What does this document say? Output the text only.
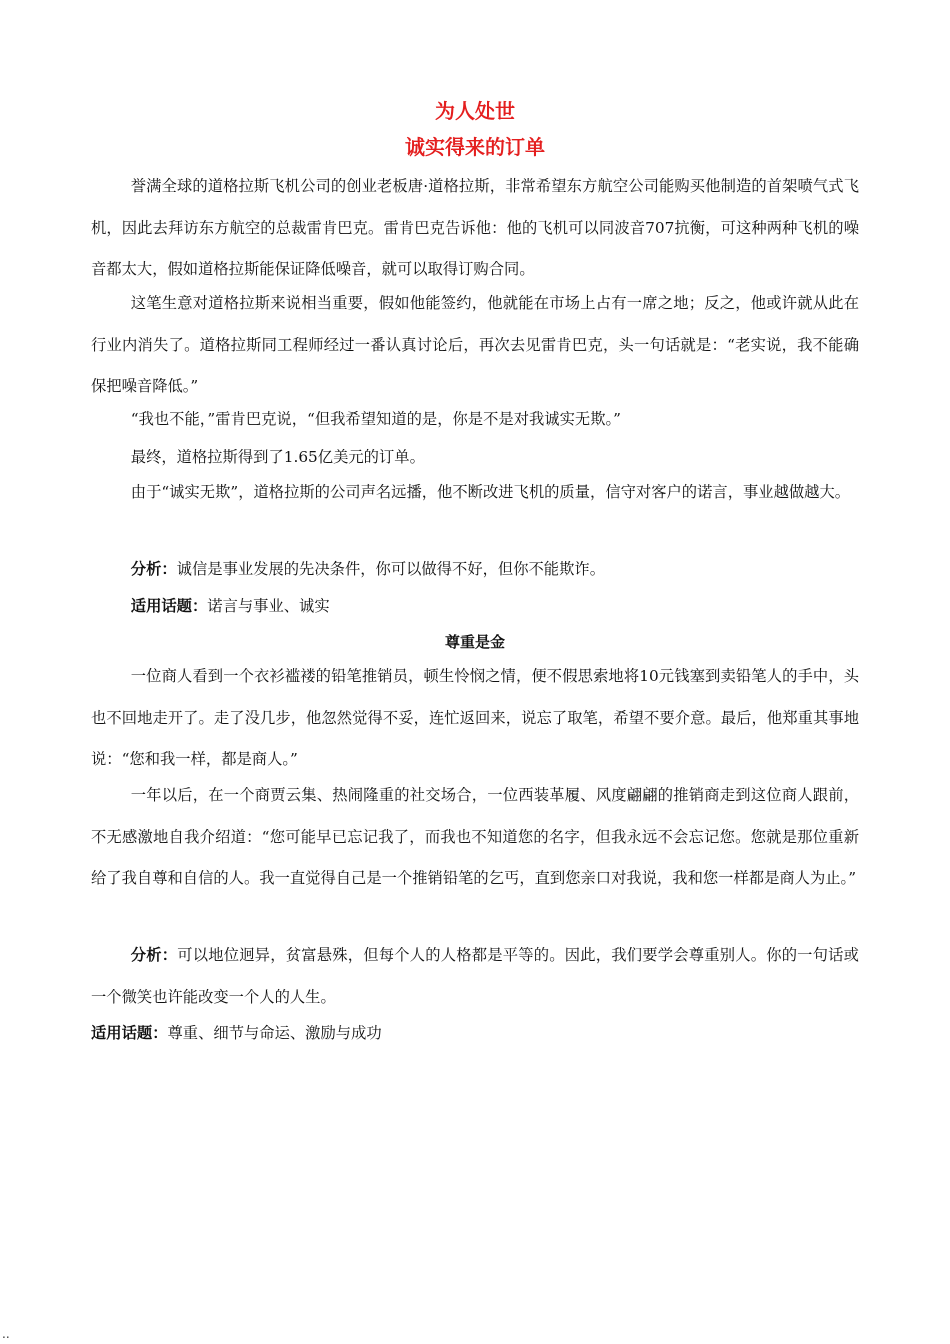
为人处世
诚实得来的订单

誉满全球的道格拉斯飞机公司的创业老板唐·道格拉斯，非常希望东方航空公司能购买他制造的首架喷气式飞机，因此去拜访东方航空的总裁雷肯巴克。雷肯巴克告诉他：他的飞机可以同波音707抗衡，可这种两种飞机的噪音都太大，假如道格拉斯能保证降低噪音，就可以取得订购合同。

这笔生意对道格拉斯来说相当重要，假如他能签约，他就能在市场上占有一席之地；反之，他或许就从此在行业内消失了。道格拉斯同工程师经过一番认真讨论后，再次去见雷肯巴克，头一句话就是：“老实说，我不能确保把噪音降低。”

“我也不能，”雷肯巴克说，“但我希望知道的是，你是不是对我诚实无欺。”

最终，道格拉斯得到了1.65亿美元的订单。

由于“诚实无欺”，道格拉斯的公司声名远播，他不断改进飞机的质量，信守对客户的诺言，事业越做越大。

分析：诚信是事业发展的先决条件，你可以做得不好，但你不能欺诈。

适用话题：诺言与事业、诚实

尊重是金

一位商人看到一个衣衫褴褛的铅笔推销员，顿生怜悯之情，便不假思索地将10元钱塞到卖铅笔人的手中，头也不回地走开了。走了没几步，他忽然觉得不妥，连忙返回来，说忘了取笔，希望不要介意。最后，他郑重其事地说：“您和我一样，都是商人。”

一年以后，在一个商贾云集、热闹隆重的社交场合，一位西装革履、风度翩翩的推销商走到这位商人跟前，不无感激地自我介绍道：“您可能早已忘记我了，而我也不知道您的名字，但我永远不会忘记您。您就是那位重新给了我自尊和自信的人。我一直觉得自己是一个推销铅笔的乞丐，直到您亲口对我说，我和您一样都是商人为止。”

分析：可以地位迥异，贫富悬殊，但每个人的人格都是平等的。因此，我们要学会尊重别人。你的一句话或一个微笑也许能改变一个人的人生。

适用话题：尊重、细节与命运、激励与成功

..
